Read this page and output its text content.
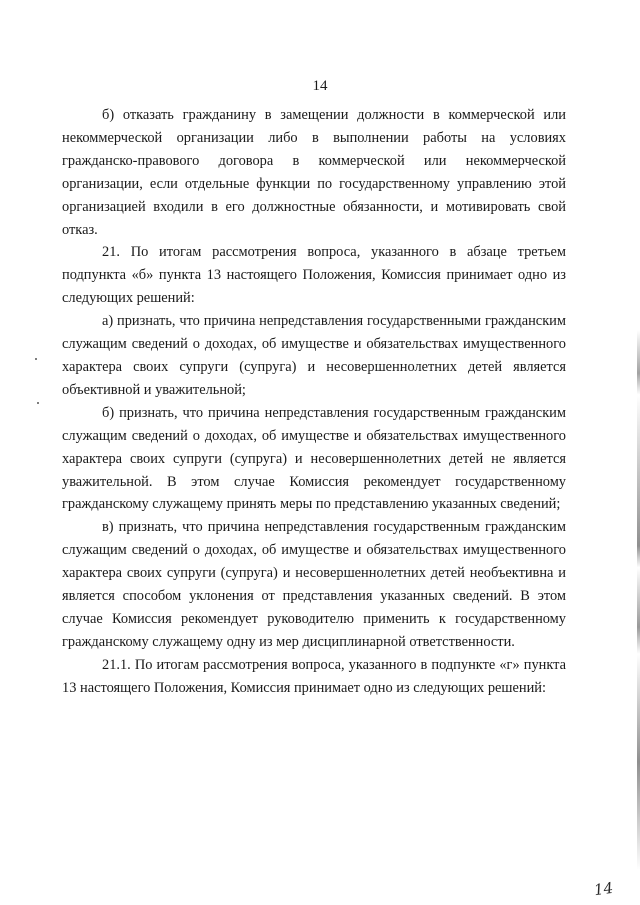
14

б) отказать гражданину в замещении должности в коммерческой или некоммерческой организации либо в выполнении работы на условиях гражданско-правового договора в коммерческой или некоммерческой организации, если отдельные функции по государственному управлению этой организацией входили в его должностные обязанности, и мотивировать свой отказ.

21. По итогам рассмотрения вопроса, указанного в абзаце третьем подпункта «б» пункта 13 настоящего Положения, Комиссия принимает одно из следующих решений:

а) признать, что причина непредставления государственными гражданским служащим сведений о доходах, об имуществе и обязательствах имущественного характера своих супруги (супруга) и несовершеннолетних детей является объективной и уважительной;

б) признать, что причина непредставления государственным гражданским служащим сведений о доходах, об имуществе и обязательствах имущественного характера своих супруги (супруга) и несовершеннолетних детей не является уважительной. В этом случае Комиссия рекомендует государственному гражданскому служащему принять меры по представлению указанных сведений;

в) признать, что причина непредставления государственным гражданским служащим сведений о доходах, об имуществе и обязательствах имущественного характера своих супруги (супруга) и несовершеннолетних детей необъективна и является способом уклонения от представления указанных сведений. В этом случае Комиссия рекомендует руководителю применить к государственному гражданскому служащему одну из мер дисциплинарной ответственности.

21.1. По итогам рассмотрения вопроса, указанного в подпункте «г» пункта 13 настоящего Положения, Комиссия принимает одно из следующих решений:

14
